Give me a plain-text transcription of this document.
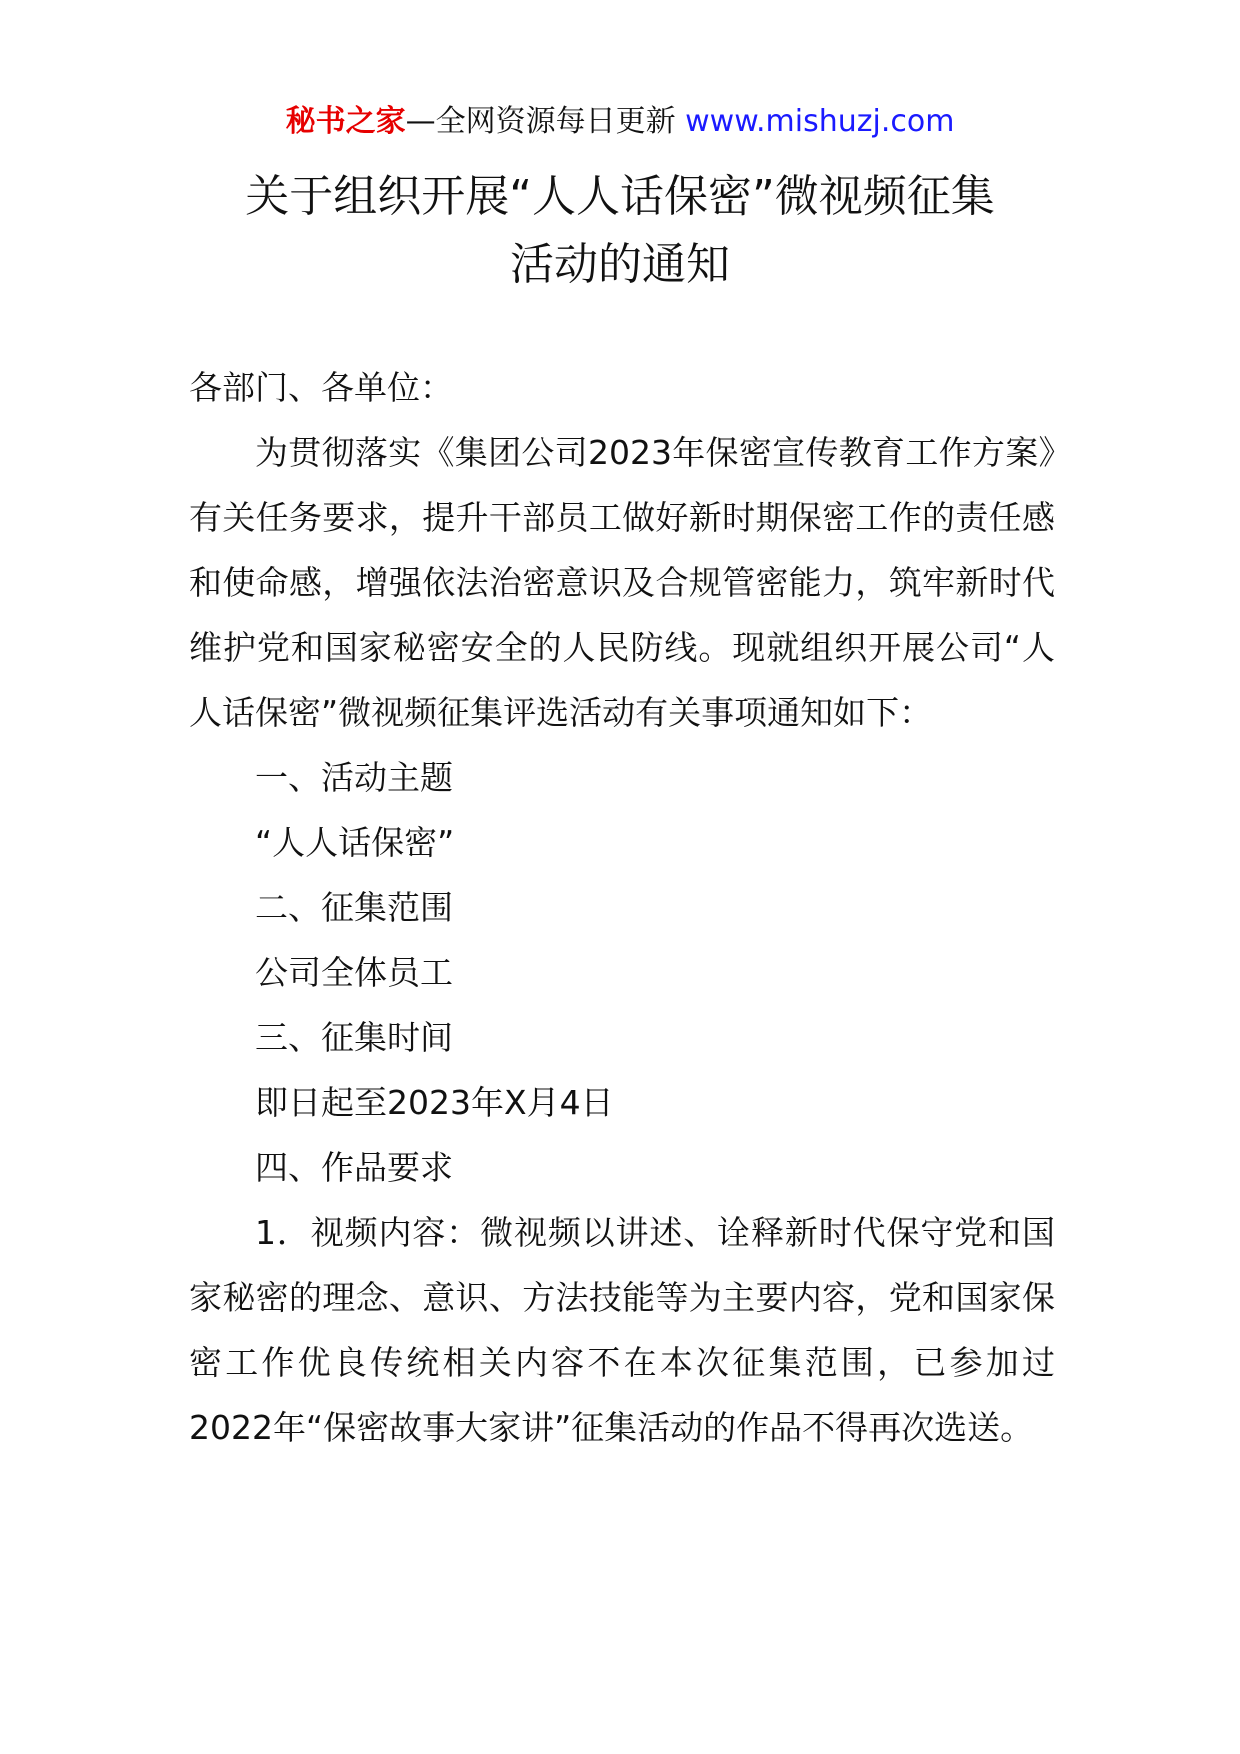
秘书之家—全网资源每日更新 www.mishuzj.com
关于组织开展“人人话保密”微视频征集
活动的通知

各部门、各单位：

为贯彻落实《集团公司2023年保密宣传教育工作方案》有关任务要求，提升干部员工做好新时期保密工作的责任感和使命感，增强依法治密意识及合规管密能力，筑牢新时代维护党和国家秘密安全的人民防线。现就组织开展公司“人人话保密”微视频征集评选活动有关事项通知如下：

一、活动主题

“人人话保密”

二、征集范围

公司全体员工

三、征集时间

即日起至2023年X月4日

四、作品要求

1．视频内容：微视频以讲述、诠释新时代保守党和国家秘密的理念、意识、方法技能等为主要内容，党和国家保密工作优良传统相关内容不在本次征集范围，已参加过2022年“保密故事大家讲”征集活动的作品不得再次选送。
